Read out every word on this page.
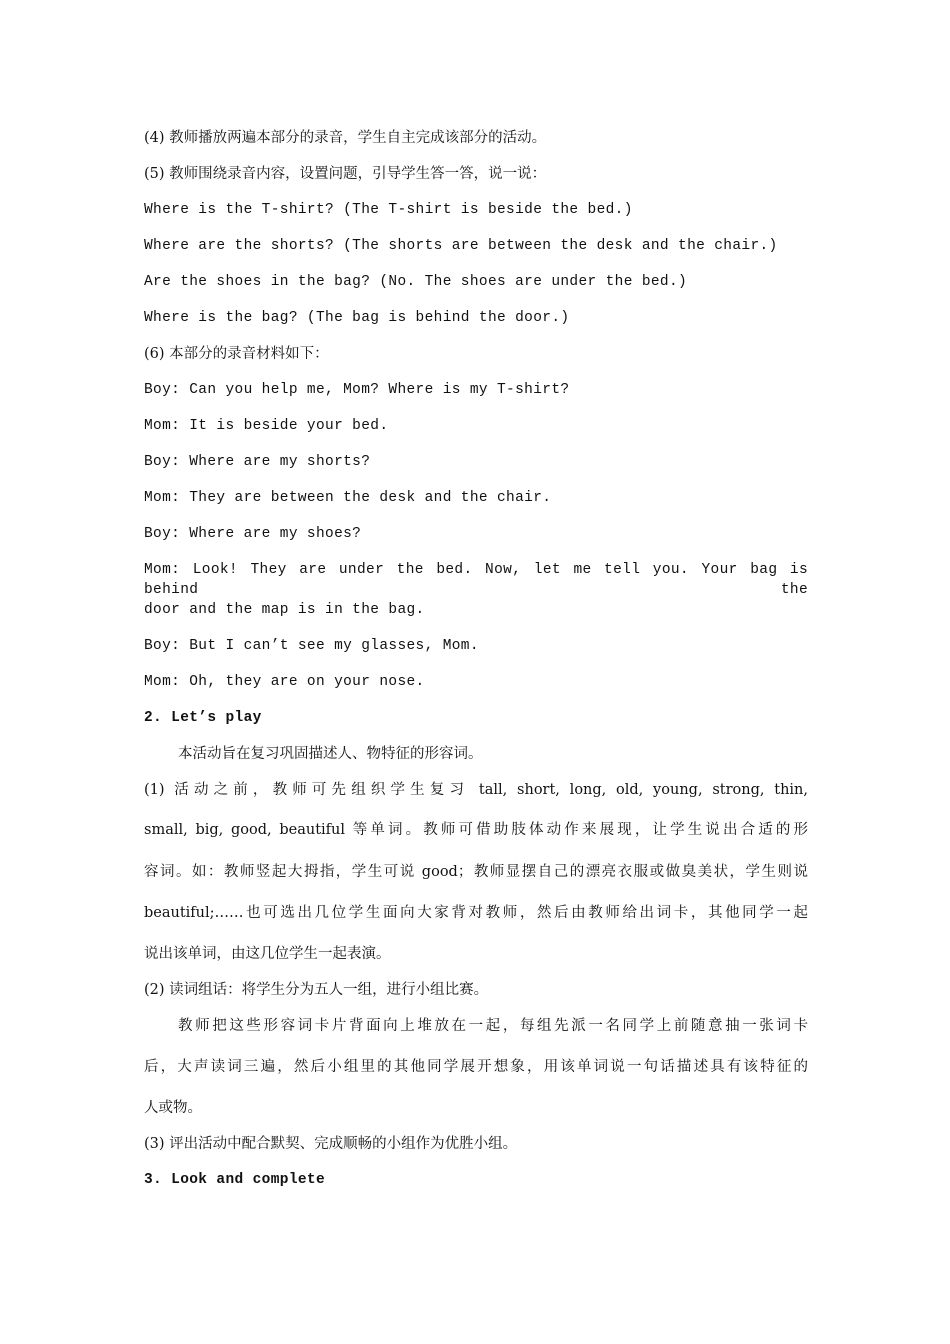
(4) 教师播放两遍本部分的录音，学生自主完成该部分的活动。
(5) 教师围绕录音内容，设置问题，引导学生答一答，说一说：
Where is the T-shirt? (The T-shirt is beside the bed.)
Where are the shorts? (The shorts are between the desk and the chair.)
Are the shoes in the bag? (No. The shoes are under the bed.)
Where is the bag? (The bag is behind the door.)
(6) 本部分的录音材料如下：
Boy: Can you help me, Mom? Where is my T-shirt?
Mom: It is beside your bed.
Boy: Where are my shorts?
Mom: They are between the desk and the chair.
Boy: Where are my shoes?
Mom: Look! They are under the bed. Now, let me tell you. Your bag is behind the
door and the map is in the bag.
Boy: But I can’t see my glasses, Mom.
Mom: Oh, they are on your nose.
2. Let’s play
本活动旨在复习巩固描述人、物特征的形容词。
(1) 活动之前，教师可先组织学生复习 tall, short, long, old, young, strong, thin,
small, big, good, beautiful 等单词。教师可借助肢体动作来展现，让学生说出合适的形
容词。如：教师竖起大拇指，学生可说 good；教师显摆自己的漂亮衣服或做臭美状，学生则说
beautiful;……也可选出几位学生面向大家背对教师，然后由教师给出词卡，其他同学一起
说出该单词，由这几位学生一起表演。
(2) 读词组话：将学生分为五人一组，进行小组比赛。
教师把这些形容词卡片背面向上堆放在一起，每组先派一名同学上前随意抽一张词卡
后，大声读词三遍，然后小组里的其他同学展开想象，用该单词说一句话描述具有该特征的
人或物。
(3) 评出活动中配合默契、完成顺畅的小组作为优胜小组。
3. Look and complete
